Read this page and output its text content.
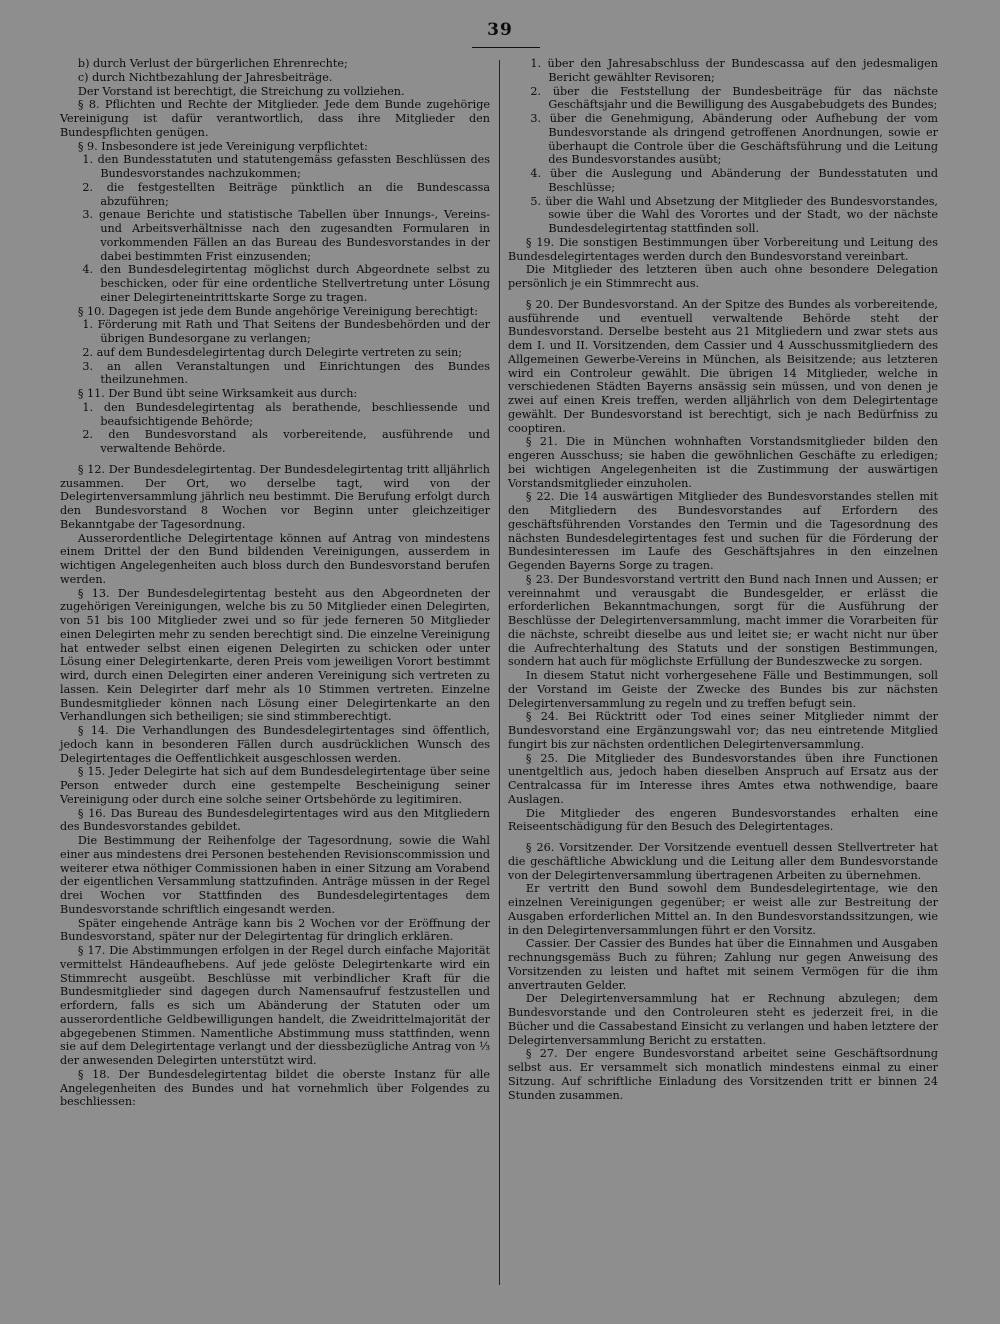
39

b) durch Verlust der bürgerlichen Ehrenrechte;

c) durch Nichtbezahlung der Jahresbeiträge.

Der Vorstand ist berechtigt, die Streichung zu vollziehen.

§ 8. Pflichten und Rechte der Mitglieder. Jede dem Bunde zugehörige Vereinigung ist dafür verantwortlich, dass ihre Mitglieder den Bundespflichten genügen.

§ 9. Insbesondere ist jede Vereinigung verpflichtet:

1. den Bundesstatuten und statutengemäss gefassten Beschlüssen des Bundesvorstandes nachzukommen;

2. die festgestellten Beiträge pünktlich an die Bundescassa abzuführen;

3. genaue Berichte und statistische Tabellen über Innungs-, Vereins- und Arbeitsverhältnisse nach den zugesandten Formularen in vorkommenden Fällen an das Bureau des Bundesvorstandes in der dabei bestimmten Frist einzusenden;

4. den Bundesdelegirtentag möglichst durch Abgeordnete selbst zu beschicken, oder für eine ordentliche Stellvertretung unter Lösung einer Delegirteneintrittskarte Sorge zu tragen.

§ 10. Dagegen ist jede dem Bunde angehörige Vereinigung berechtigt:

1. Förderung mit Rath und That Seitens der Bundesbehörden und der übrigen Bundesorgane zu verlangen;

2. auf dem Bundesdelegirtentag durch Delegirte vertreten zu sein;

3. an allen Veranstaltungen und Einrichtungen des Bundes theilzunehmen.

§ 11. Der Bund übt seine Wirksamkeit aus durch:

1. den Bundesdelegirtentag als berathende, beschliessende und beaufsichtigende Behörde;

2. den Bundesvorstand als vorbereitende, ausführende und verwaltende Behörde.

§ 12. Der Bundesdelegirtentag. Der Bundesdelegirtentag tritt alljährlich zusammen. Der Ort, wo derselbe tagt, wird von der Delegirtenversammlung jährlich neu bestimmt. Die Berufung erfolgt durch den Bundesvorstand 8 Wochen vor Beginn unter gleichzeitiger Bekanntgabe der Tagesordnung.

Ausserordentliche Delegirtentage können auf Antrag von mindestens einem Drittel der den Bund bildenden Vereinigungen, ausserdem in wichtigen Angelegenheiten auch bloss durch den Bundesvorstand berufen werden.

§ 13. Der Bundesdelegirtentag besteht aus den Abgeordneten der zugehörigen Vereinigungen, welche bis zu 50 Mitglieder einen Delegirten, von 51 bis 100 Mitglieder zwei und so für jede ferneren 50 Mitglieder einen Delegirten mehr zu senden berechtigt sind. Die einzelne Vereinigung hat entweder selbst einen eigenen Delegirten zu schicken oder unter Lösung einer Delegirtenkarte, deren Preis vom jeweiligen Vorort bestimmt wird, durch einen Delegirten einer anderen Vereinigung sich vertreten zu lassen. Kein Delegirter darf mehr als 10 Stimmen vertreten. Einzelne Bundesmitglieder können nach Lösung einer Delegirtenkarte an den Verhandlungen sich betheiligen; sie sind stimmberechtigt.

§ 14. Die Verhandlungen des Bundesdelegirtentages sind öffentlich, jedoch kann in besonderen Fällen durch ausdrücklichen Wunsch des Delegirtentages die Oeffentlichkeit ausgeschlossen werden.

§ 15. Jeder Delegirte hat sich auf dem Bundesdelegirtentage über seine Person entweder durch eine gestempelte Bescheinigung seiner Vereinigung oder durch eine solche seiner Ortsbehörde zu legitimiren.

§ 16. Das Bureau des Bundesdelegirtentages wird aus den Mitgliedern des Bundesvorstandes gebildet.

Die Bestimmung der Reihenfolge der Tagesordnung, sowie die Wahl einer aus mindestens drei Personen bestehenden Revisionscommission und weiterer etwa nöthiger Commissionen haben in einer Sitzung am Vorabend der eigentlichen Versammlung stattzufinden. Anträge müssen in der Regel drei Wochen vor Stattfinden des Bundesdelegirtentages dem Bundesvorstande schriftlich eingesandt werden.

Später eingehende Anträge kann bis 2 Wochen vor der Eröffnung der Bundesvorstand, später nur der Delegirtentag für dringlich erklären.

§ 17. Die Abstimmungen erfolgen in der Regel durch einfache Majorität vermittelst Händeaufhebens. Auf jede gelöste Delegirtenkarte wird ein Stimmrecht ausgeübt. Beschlüsse mit verbindlicher Kraft für die Bundesmitglieder sind dagegen durch Namensaufruf festzustellen und erfordern, falls es sich um Abänderung der Statuten oder um ausserordentliche Geldbewilligungen handelt, die Zweidrittelmajorität der abgegebenen Stimmen. Namentliche Abstimmung muss stattfinden, wenn sie auf dem Delegirtentage verlangt und der diessbezügliche Antrag von ⅓ der anwesenden Delegirten unterstützt wird.

§ 18. Der Bundesdelegirtentag bildet die oberste Instanz für alle Angelegenheiten des Bundes und hat vornehmlich über Folgendes zu beschliessen:

1. über den Jahresabschluss der Bundescassa auf den jedesmaligen Bericht gewählter Revisoren;

2. über die Feststellung der Bundesbeiträge für das nächste Geschäftsjahr und die Bewilligung des Ausgabebudgets des Bundes;

3. über die Genehmigung, Abänderung oder Aufhebung der vom Bundesvorstande als dringend getroffenen Anordnungen, sowie er überhaupt die Controle über die Geschäftsführung und die Leitung des Bundesvorstandes ausübt;

4. über die Auslegung und Abänderung der Bundesstatuten und Beschlüsse;

5. über die Wahl und Absetzung der Mitglieder des Bundesvorstandes, sowie über die Wahl des Vorortes und der Stadt, wo der nächste Bundesdelegirtentag stattfinden soll.

§ 19. Die sonstigen Bestimmungen über Vorbereitung und Leitung des Bundesdelegirtentages werden durch den Bundesvorstand vereinbart.

Die Mitglieder des letzteren üben auch ohne besondere Delegation persönlich je ein Stimmrecht aus.

§ 20. Der Bundesvorstand. An der Spitze des Bundes als vorbereitende, ausführende und eventuell verwaltende Behörde steht der Bundesvorstand. Derselbe besteht aus 21 Mitgliedern und zwar stets aus dem I. und II. Vorsitzenden, dem Cassier und 4 Ausschussmitgliedern des Allgemeinen Gewerbe-Vereins in München, als Beisitzende; aus letzteren wird ein Controleur gewählt. Die übrigen 14 Mitglieder, welche in verschiedenen Städten Bayerns ansässig sein müssen, und von denen je zwei auf einen Kreis treffen, werden alljährlich von dem Delegirtentage gewählt. Der Bundesvorstand ist berechtigt, sich je nach Bedürfniss zu cooptiren.

§ 21. Die in München wohnhaften Vorstandsmitglieder bilden den engeren Ausschuss; sie haben die gewöhnlichen Geschäfte zu erledigen; bei wichtigen Angelegenheiten ist die Zustimmung der auswärtigen Vorstandsmitglieder einzuholen.

§ 22. Die 14 auswärtigen Mitglieder des Bundesvorstandes stellen mit den Mitgliedern des Bundesvorstandes auf Erfordern des geschäftsführenden Vorstandes den Termin und die Tagesordnung des nächsten Bundesdelegirtentages fest und suchen für die Förderung der Bundesinteressen im Laufe des Geschäftsjahres in den einzelnen Gegenden Bayerns Sorge zu tragen.

§ 23. Der Bundesvorstand vertritt den Bund nach Innen und Aussen; er vereinnahmt und verausgabt die Bundesgelder, er erlässt die erforderlichen Bekanntmachungen, sorgt für die Ausführung der Beschlüsse der Delegirtenversammlung, macht immer die Vorarbeiten für die nächste, schreibt dieselbe aus und leitet sie; er wacht nicht nur über die Aufrechterhaltung des Statuts und der sonstigen Bestimmungen, sondern hat auch für möglichste Erfüllung der Bundeszwecke zu sorgen.

In diesem Statut nicht vorhergesehene Fälle und Bestimmungen, soll der Vorstand im Geiste der Zwecke des Bundes bis zur nächsten Delegirtenversammlung zu regeln und zu treffen befugt sein.

§ 24. Bei Rücktritt oder Tod eines seiner Mitglieder nimmt der Bundesvorstand eine Ergänzungswahl vor; das neu eintretende Mitglied fungirt bis zur nächsten ordentlichen Delegirtenversammlung.

§ 25. Die Mitglieder des Bundesvorstandes üben ihre Functionen unentgeltlich aus, jedoch haben dieselben Anspruch auf Ersatz aus der Centralcassa für im Interesse ihres Amtes etwa nothwendige, baare Auslagen.

Die Mitglieder des engeren Bundesvorstandes erhalten eine Reiseentschädigung für den Besuch des Delegirtentages.

§ 26. Vorsitzender. Der Vorsitzende eventuell dessen Stellvertreter hat die geschäftliche Abwicklung und die Leitung aller dem Bundesvorstande von der Delegirtenversammlung übertragenen Arbeiten zu übernehmen.

Er vertritt den Bund sowohl dem Bundesdelegirtentage, wie den einzelnen Vereinigungen gegenüber; er weist alle zur Bestreitung der Ausgaben erforderlichen Mittel an. In den Bundesvorstandssitzungen, wie in den Delegirtenversammlungen führt er den Vorsitz.

Cassier. Der Cassier des Bundes hat über die Einnahmen und Ausgaben rechnungsgemäss Buch zu führen; Zahlung nur gegen Anweisung des Vorsitzenden zu leisten und haftet mit seinem Vermögen für die ihm anvertrauten Gelder.

Der Delegirtenversammlung hat er Rechnung abzulegen; dem Bundesvorstande und den Controleuren steht es jederzeit frei, in die Bücher und die Cassabestand Einsicht zu verlangen und haben letztere der Delegirtenversammlung Bericht zu erstatten.

§ 27. Der engere Bundesvorstand arbeitet seine Geschäftsordnung selbst aus. Er versammelt sich monatlich mindestens einmal zu einer Sitzung. Auf schriftliche Einladung des Vorsitzenden tritt er binnen 24 Stunden zusammen.
